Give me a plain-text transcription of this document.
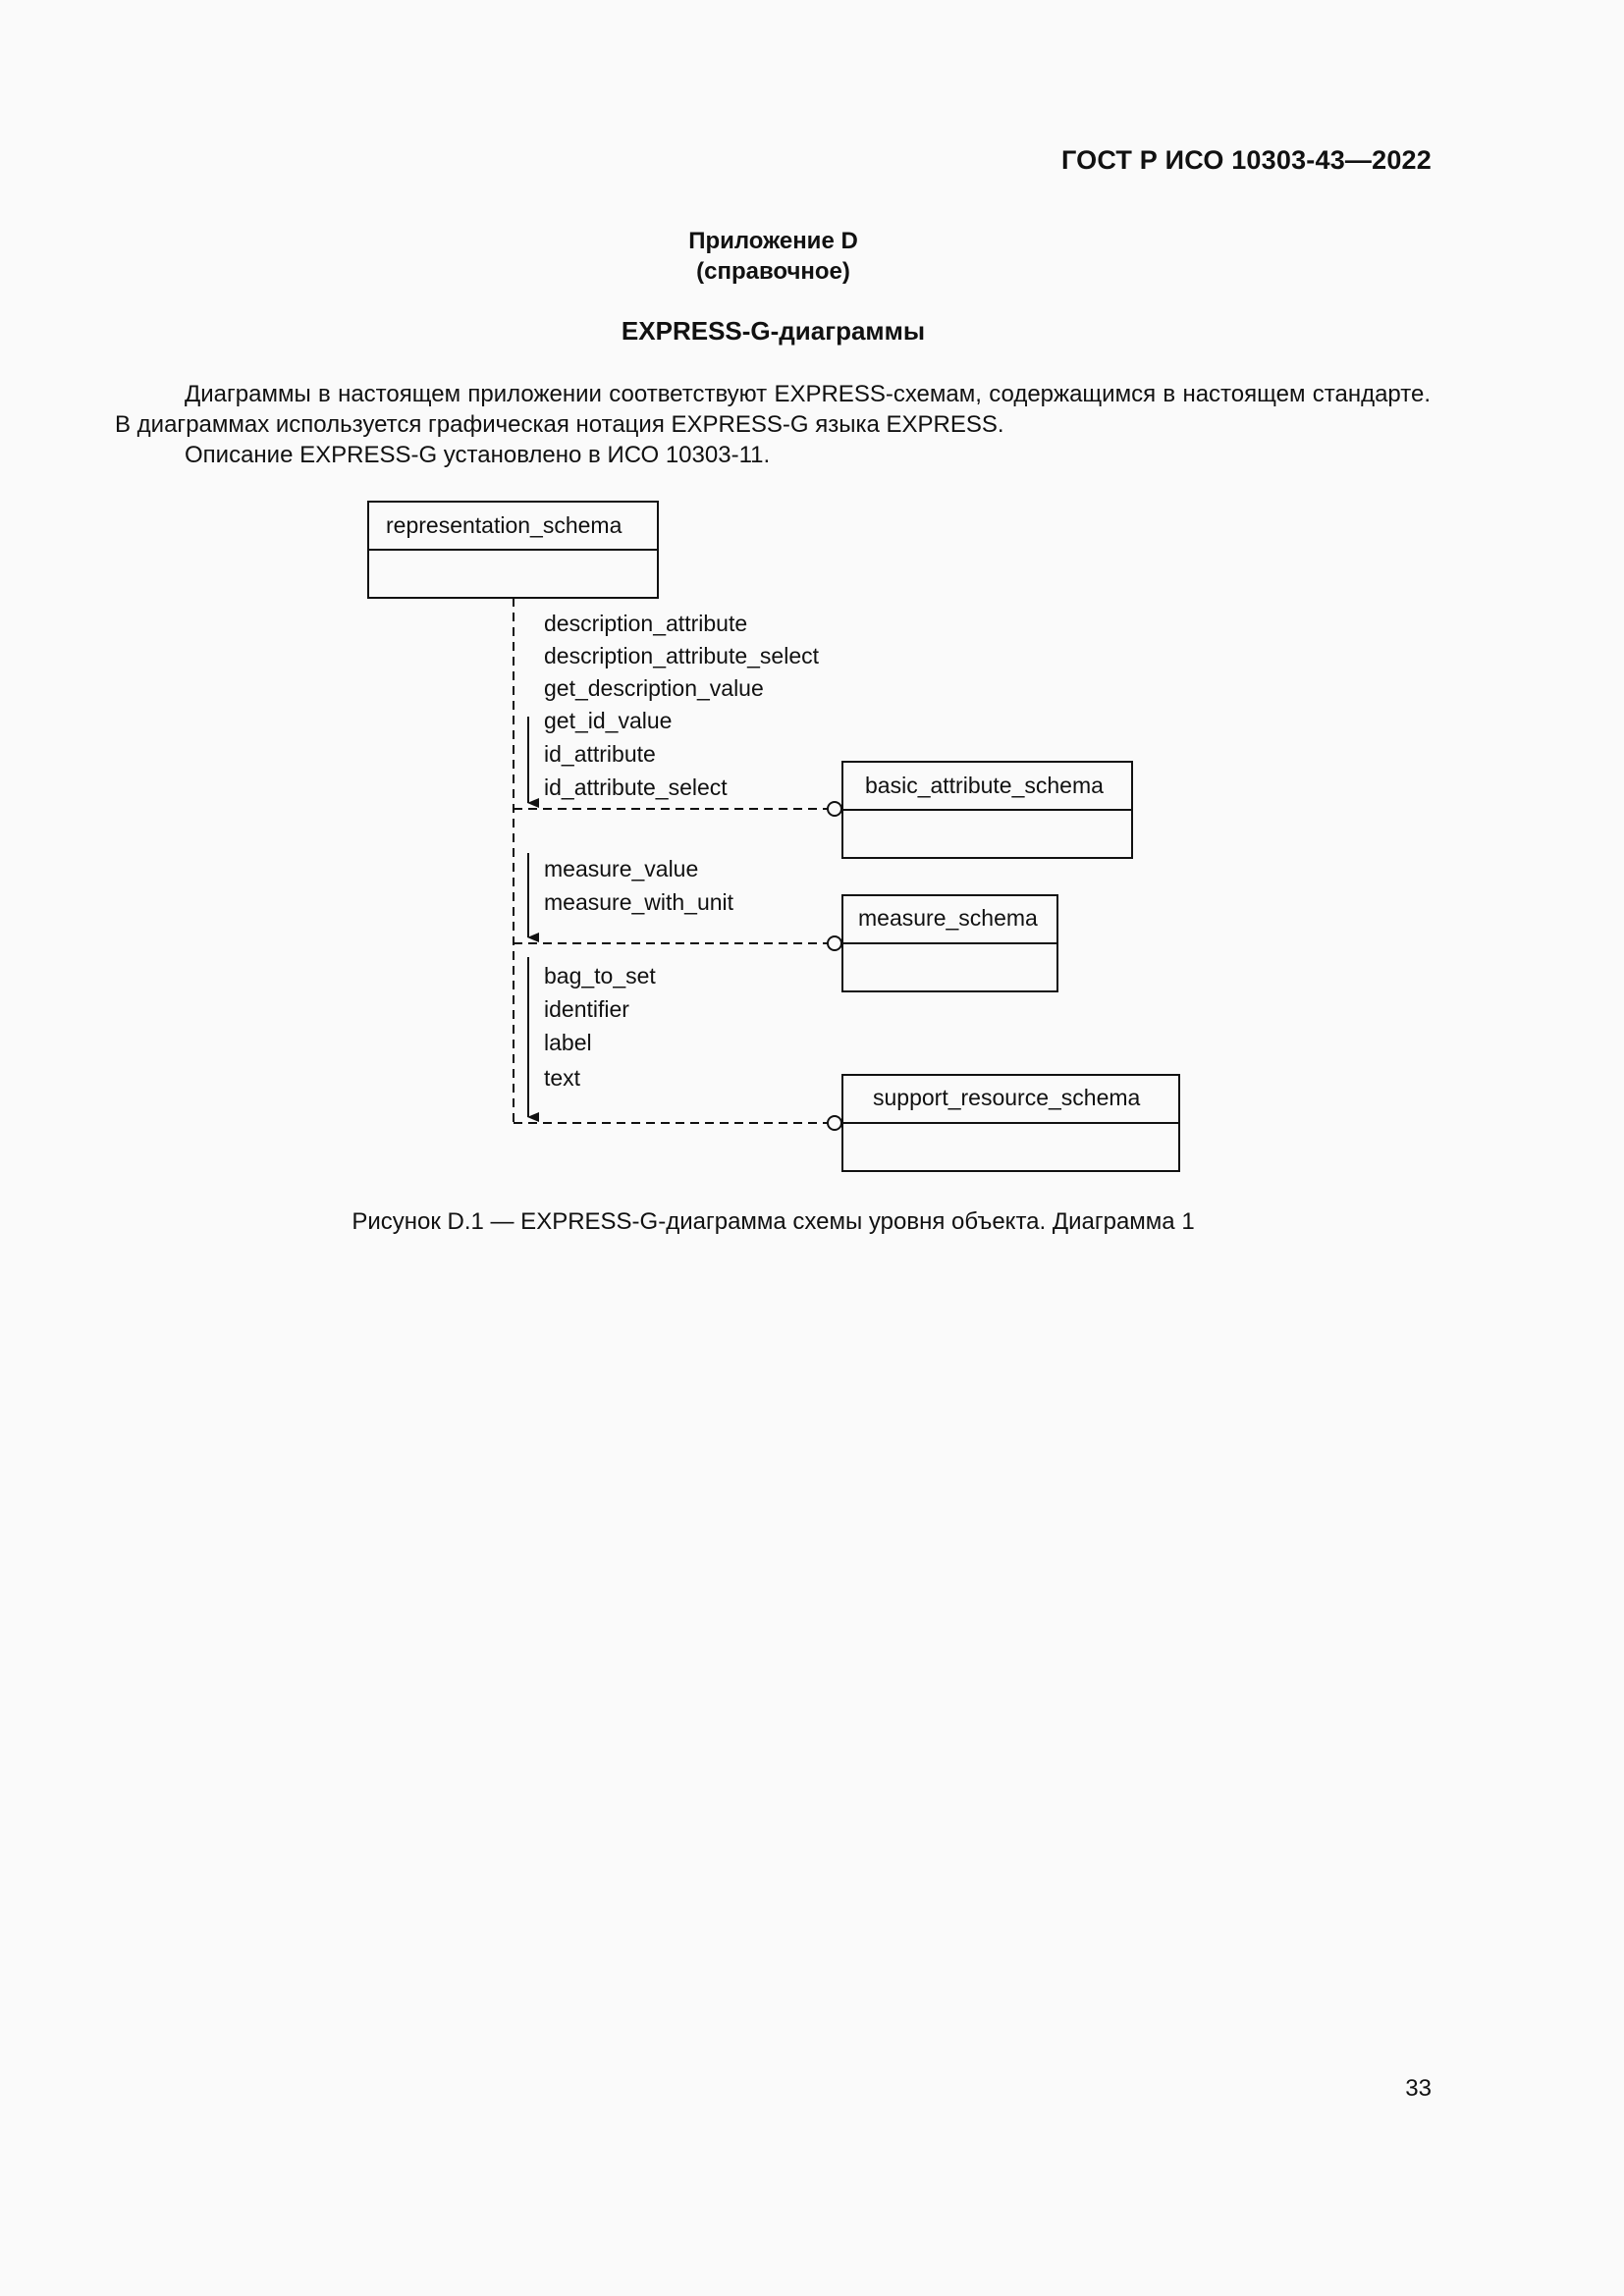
ГОСТ Р ИСО 10303-43—2022
Приложение D
(справочное)
EXPRESS-G-диаграммы

Диаграммы в настоящем приложении соответствуют EXPRESS-схемам, содержащимся в настоящем стандарте. В диаграммах используется графическая нотация EXPRESS-G языка EXPRESS.

Описание EXPRESS-G установлено в ИСО 10303-11.

representation_schema
description_attribute
description_attribute_select
get_description_value
get_id_value
id_attribute
id_attribute_select	basic_attribute_schema
measure_value
measure_with_unit
measure_schema
bag_to_set
identifier
label
text
support_resource_schema
Рисунок D.1 — EXPRESS-G-диаграмма схемы уровня объекта. Диаграмма 1
33
